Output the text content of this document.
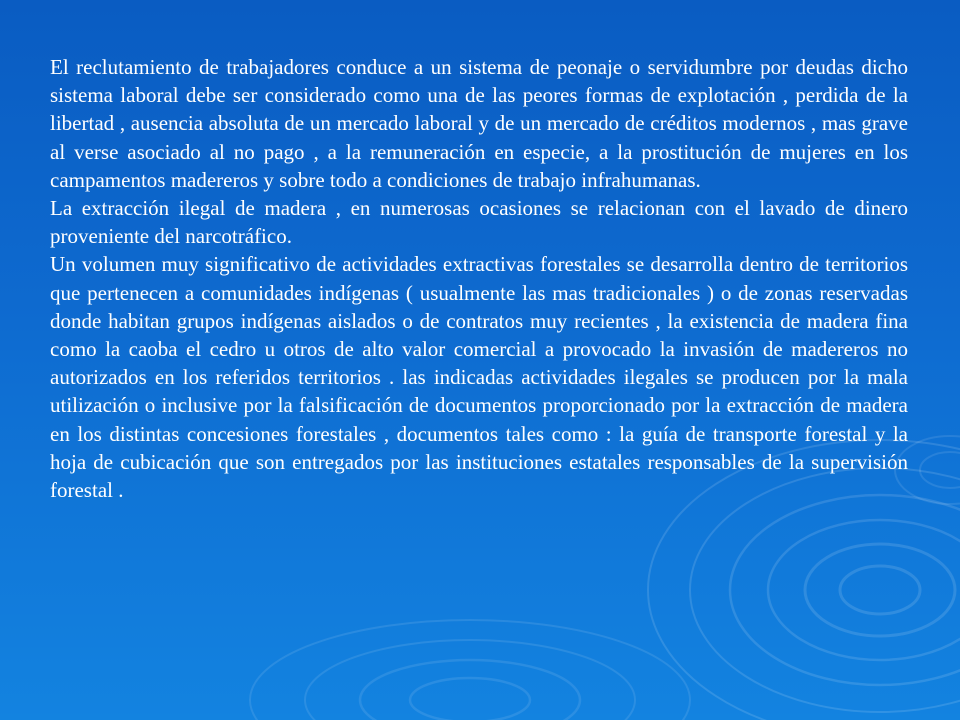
El reclutamiento de trabajadores conduce a un sistema de peonaje o servidumbre por deudas dicho sistema laboral debe ser considerado como una de las peores formas de explotación , perdida de la libertad , ausencia absoluta de un mercado laboral y de un mercado de créditos modernos , mas grave al verse asociado al no pago , a la remuneración en especie, a la prostitución de mujeres en los campamentos madereros y sobre todo a condiciones de trabajo infrahumanas.

La extracción ilegal de madera , en numerosas ocasiones se relacionan con el lavado de dinero proveniente del narcotráfico.

Un volumen muy significativo de actividades extractivas forestales se desarrolla dentro de territorios que pertenecen a comunidades indígenas ( usualmente las mas tradicionales ) o de zonas reservadas donde habitan grupos indígenas aislados o de contratos muy recientes , la existencia de madera fina como la caoba el cedro u otros de alto valor comercial a provocado la invasión de madereros no autorizados en los referidos territorios . las indicadas actividades ilegales se producen por la mala utilización o inclusive por la falsificación de documentos proporcionado por la extracción de madera en los distintas concesiones forestales , documentos tales como : la guía de transporte forestal y la hoja de cubicación que son entregados por las instituciones estatales responsables de la supervisión forestal .
